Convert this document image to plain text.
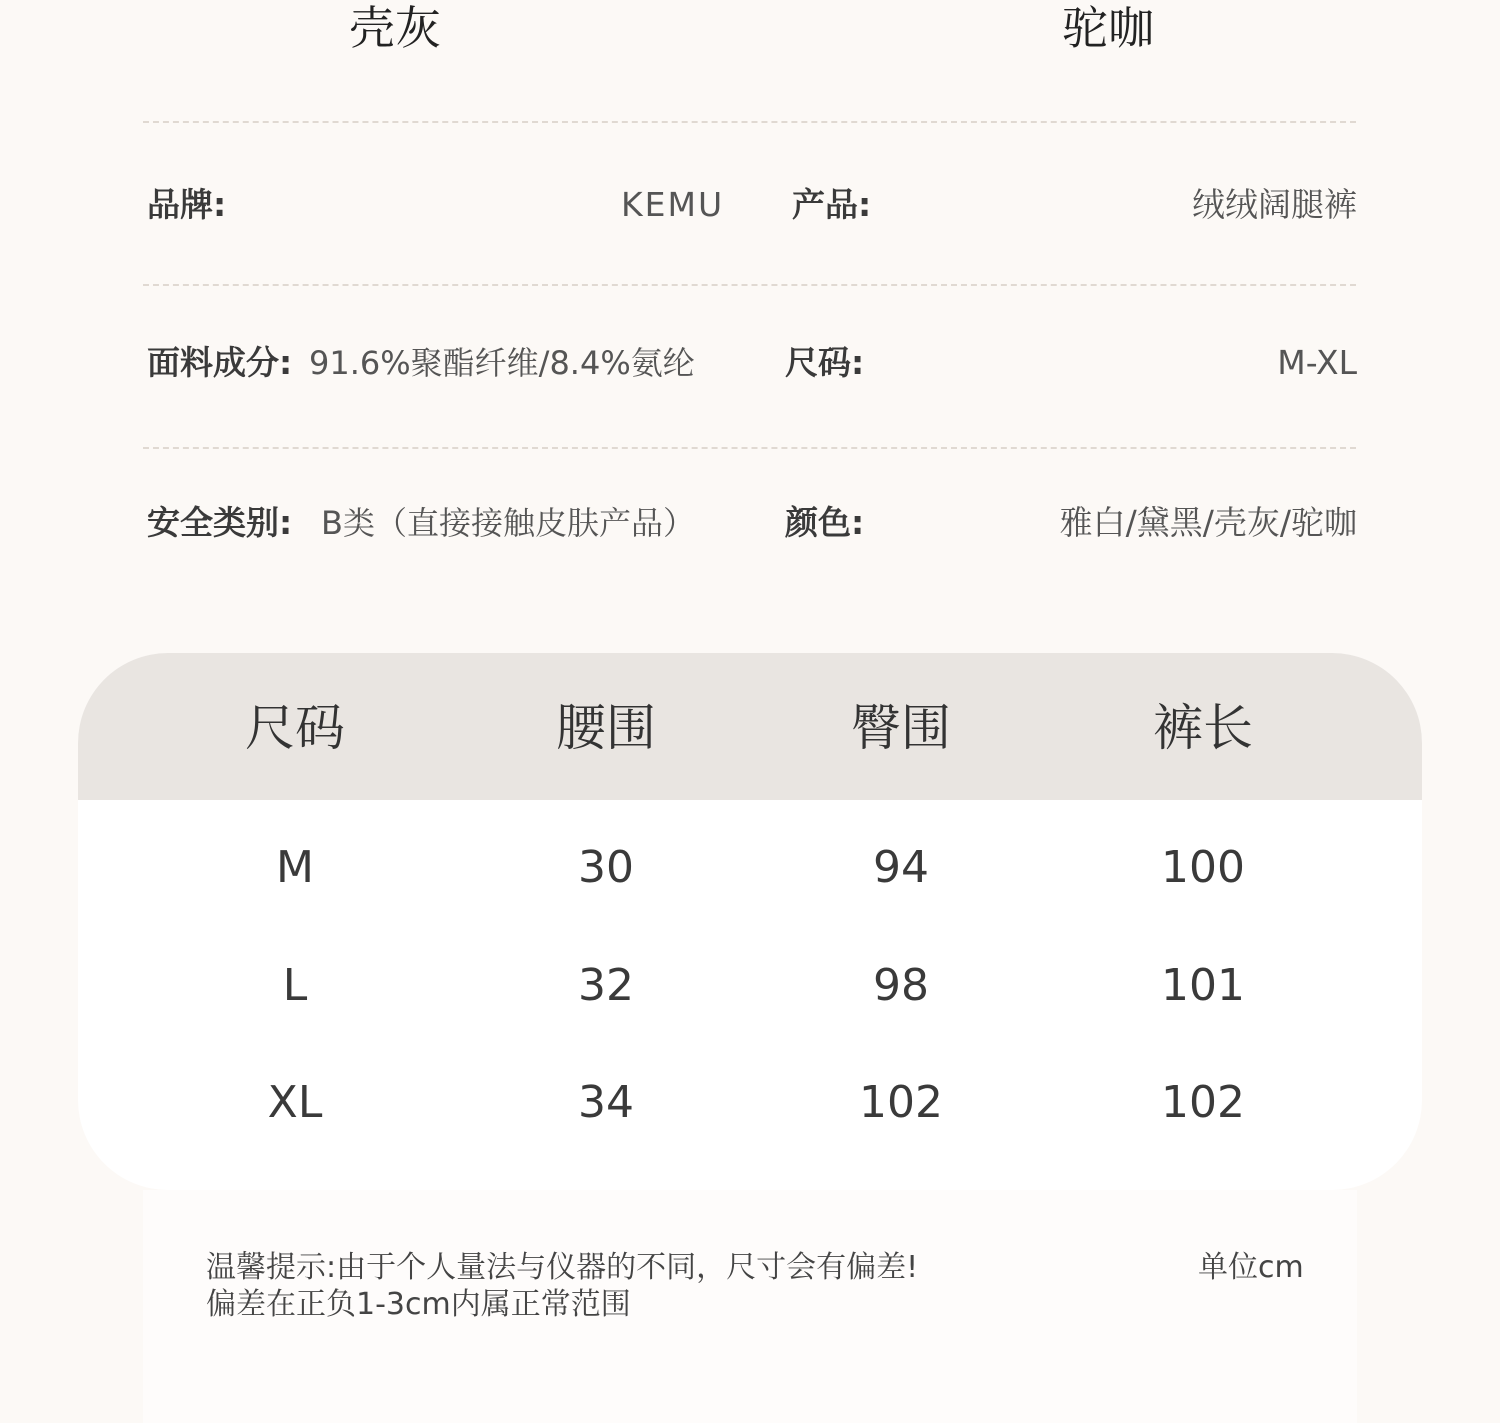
壳灰	驼咖
品牌:	KEMU 产品:	绒绒阔腿裤
面料成分: 91.6%聚酯纤维/8.4%氨纶	尺码:	M-XL
安全类别: B类（直接接触皮肤产品）	颜色:	雅白/黛黑/壳灰/驼咖
尺码	腰围	臀围	裤长
M	30	94	100
L	32	98	101
XL	34	102	102
温馨提示:由于个人量法与仪器的不同，尺寸会有偏差!
偏差在正负1-3cm内属正常范围
单位cm
